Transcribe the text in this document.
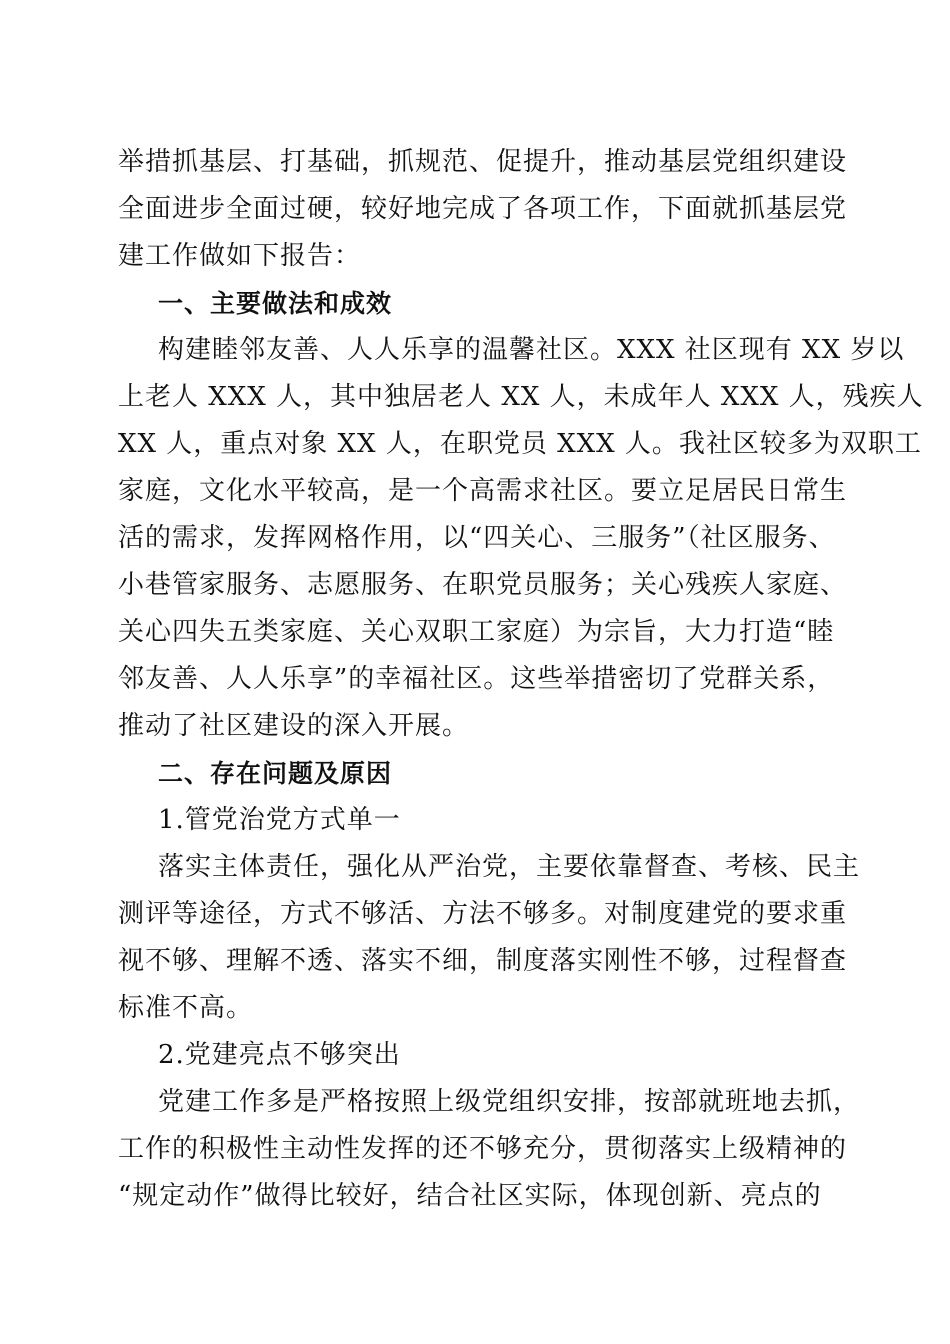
举措抓基层、打基础，抓规范、促提升，推动基层党组织建设
全面进步全面过硬，较好地完成了各项工作，下面就抓基层党
建工作做如下报告：
一、主要做法和成效
构建睦邻友善、人人乐享的温馨社区。XXX 社区现有 XX 岁以
上老人 XXX 人，其中独居老人 XX 人，未成年人 XXX 人，残疾人
XX 人，重点对象 XX 人，在职党员 XXX 人。我社区较多为双职工
家庭，文化水平较高，是一个高需求社区。要立足居民日常生
活的需求，发挥网格作用，以“四关心、三服务”（社区服务、
小巷管家服务、志愿服务、在职党员服务；关心残疾人家庭、
关心四失五类家庭、关心双职工家庭）为宗旨，大力打造“睦
邻友善、人人乐享”的幸福社区。这些举措密切了党群关系，
推动了社区建设的深入开展。
二、存在问题及原因
1.管党治党方式单一
落实主体责任，强化从严治党，主要依靠督查、考核、民主
测评等途径，方式不够活、方法不够多。对制度建党的要求重
视不够、理解不透、落实不细，制度落实刚性不够，过程督查
标准不高。
2.党建亮点不够突出
党建工作多是严格按照上级党组织安排，按部就班地去抓，
工作的积极性主动性发挥的还不够充分，贯彻落实上级精神的
“规定动作”做得比较好，结合社区实际，体现创新、亮点的
